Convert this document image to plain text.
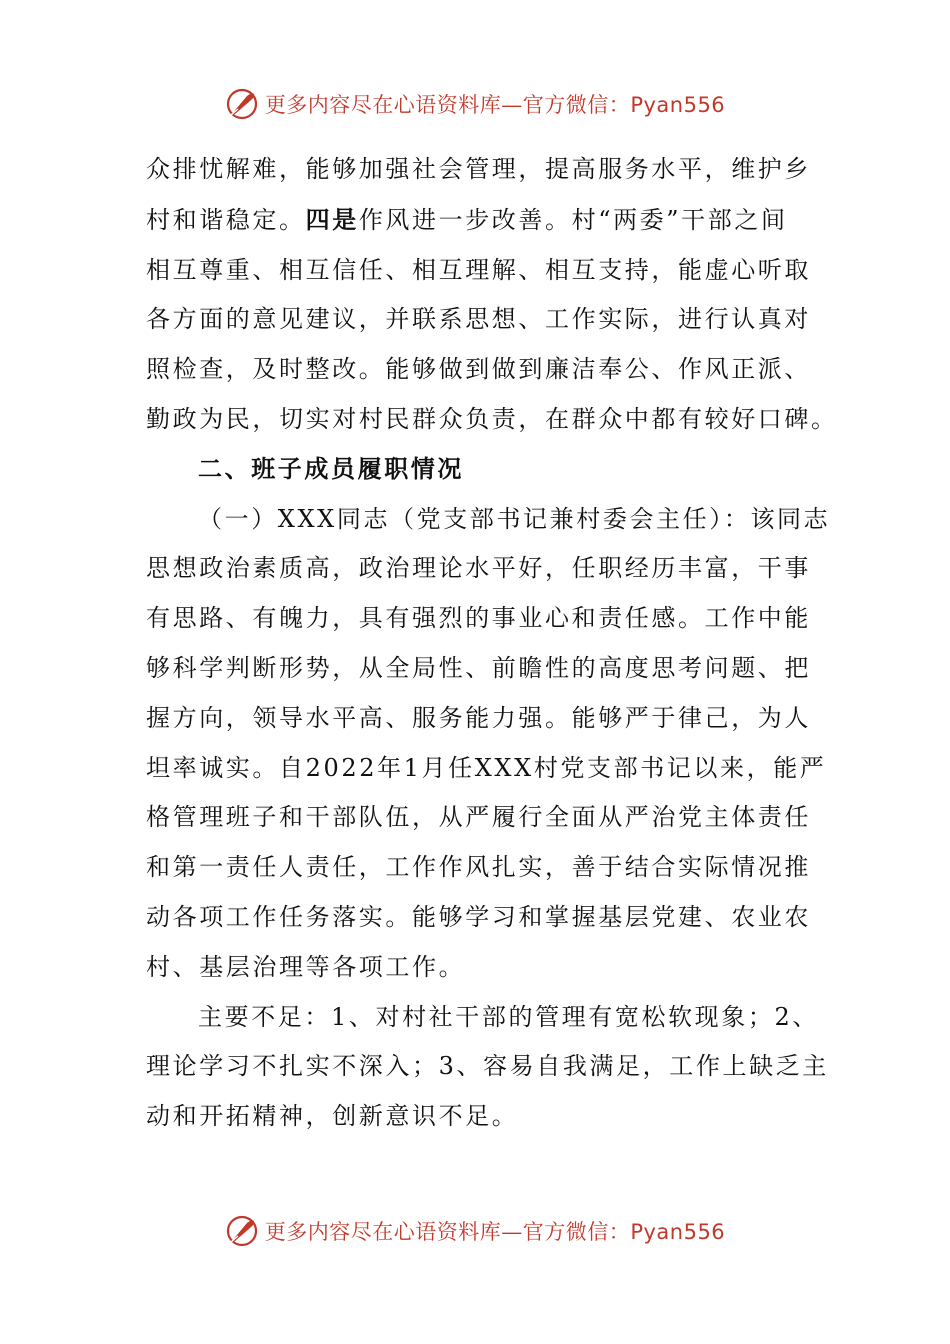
更多内容尽在心语资料库—官方微信：Pyan556

众排忧解难，能够加强社会管理，提高服务水平，维护乡
村和谐稳定。四是作风进一步改善。村“两委”干部之间
相互尊重、相互信任、相互理解、相互支持，能虚心听取
各方面的意见建议，并联系思想、工作实际，进行认真对
照检查，及时整改。能够做到做到廉洁奉公、作风正派、
勤政为民，切实对村民群众负责，在群众中都有较好口碑。

二、班子成员履职情况

（一）XXX同志（党支部书记兼村委会主任）：该同志
思想政治素质高，政治理论水平好，任职经历丰富，干事
有思路、有魄力，具有强烈的事业心和责任感。工作中能
够科学判断形势，从全局性、前瞻性的高度思考问题、把
握方向，领导水平高、服务能力强。能够严于律己，为人
坦率诚实。自2022年1月任XXX村党支部书记以来，能严
格管理班子和干部队伍，从严履行全面从严治党主体责任
和第一责任人责任，工作作风扎实，善于结合实际情况推
动各项工作任务落实。能够学习和掌握基层党建、农业农
村、基层治理等各项工作。

主要不足：1、对村社干部的管理有宽松软现象；2、
理论学习不扎实不深入；3、容易自我满足，工作上缺乏主
动和开拓精神，创新意识不足。

更多内容尽在心语资料库—官方微信：Pyan556
